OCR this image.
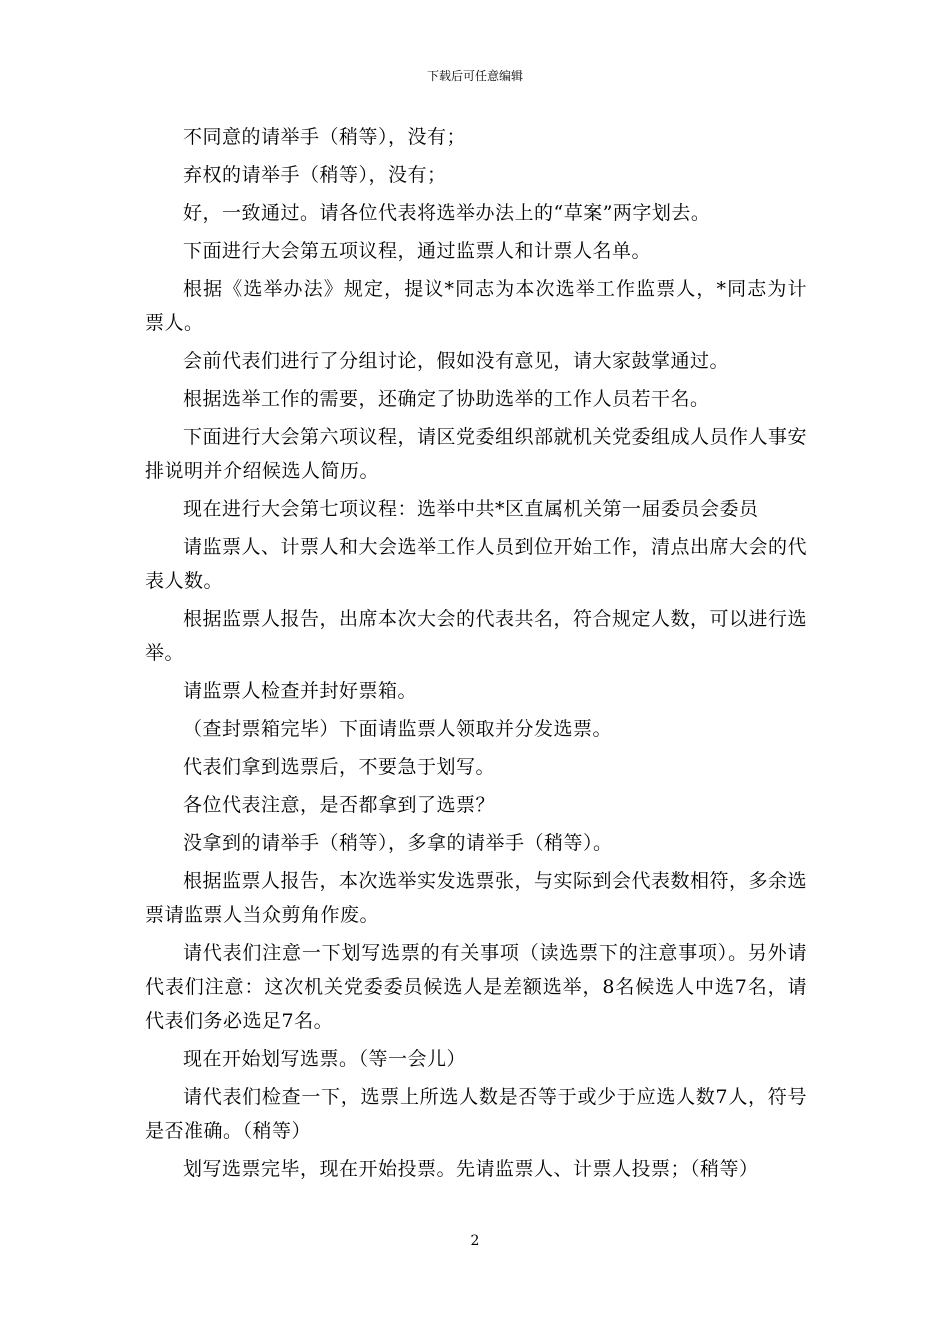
下载后可任意编辑

不同意的请举手（稍等），没有；

弃权的请举手（稍等），没有；

好，一致通过。请各位代表将选举办法上的“草案”两字划去。

下面进行大会第五项议程，通过监票人和计票人名单。

根据《选举办法》规定，提议*同志为本次选举工作监票人，*同志为计票人。

会前代表们进行了分组讨论，假如没有意见，请大家鼓掌通过。

根据选举工作的需要，还确定了协助选举的工作人员若干名。

下面进行大会第六项议程，请区党委组织部就机关党委组成人员作人事安排说明并介绍候选人简历。

现在进行大会第七项议程：选举中共*区直属机关第一届委员会委员

请监票人、计票人和大会选举工作人员到位开始工作，清点出席大会的代表人数。

根据监票人报告，出席本次大会的代表共名，符合规定人数，可以进行选举。

请监票人检查并封好票箱。

（查封票箱完毕）下面请监票人领取并分发选票。

代表们拿到选票后，不要急于划写。

各位代表注意，是否都拿到了选票？

没拿到的请举手（稍等），多拿的请举手（稍等）。

根据监票人报告，本次选举实发选票张，与实际到会代表数相符，多余选票请监票人当众剪角作废。

请代表们注意一下划写选票的有关事项（读选票下的注意事项）。另外请代表们注意：这次机关党委委员候选人是差额选举，8名候选人中选7名，请代表们务必选足7名。

现在开始划写选票。（等一会儿）

请代表们检查一下，选票上所选人数是否等于或少于应选人数7人，符号是否准确。（稍等）

划写选票完毕，现在开始投票。先请监票人、计票人投票；（稍等）

2
